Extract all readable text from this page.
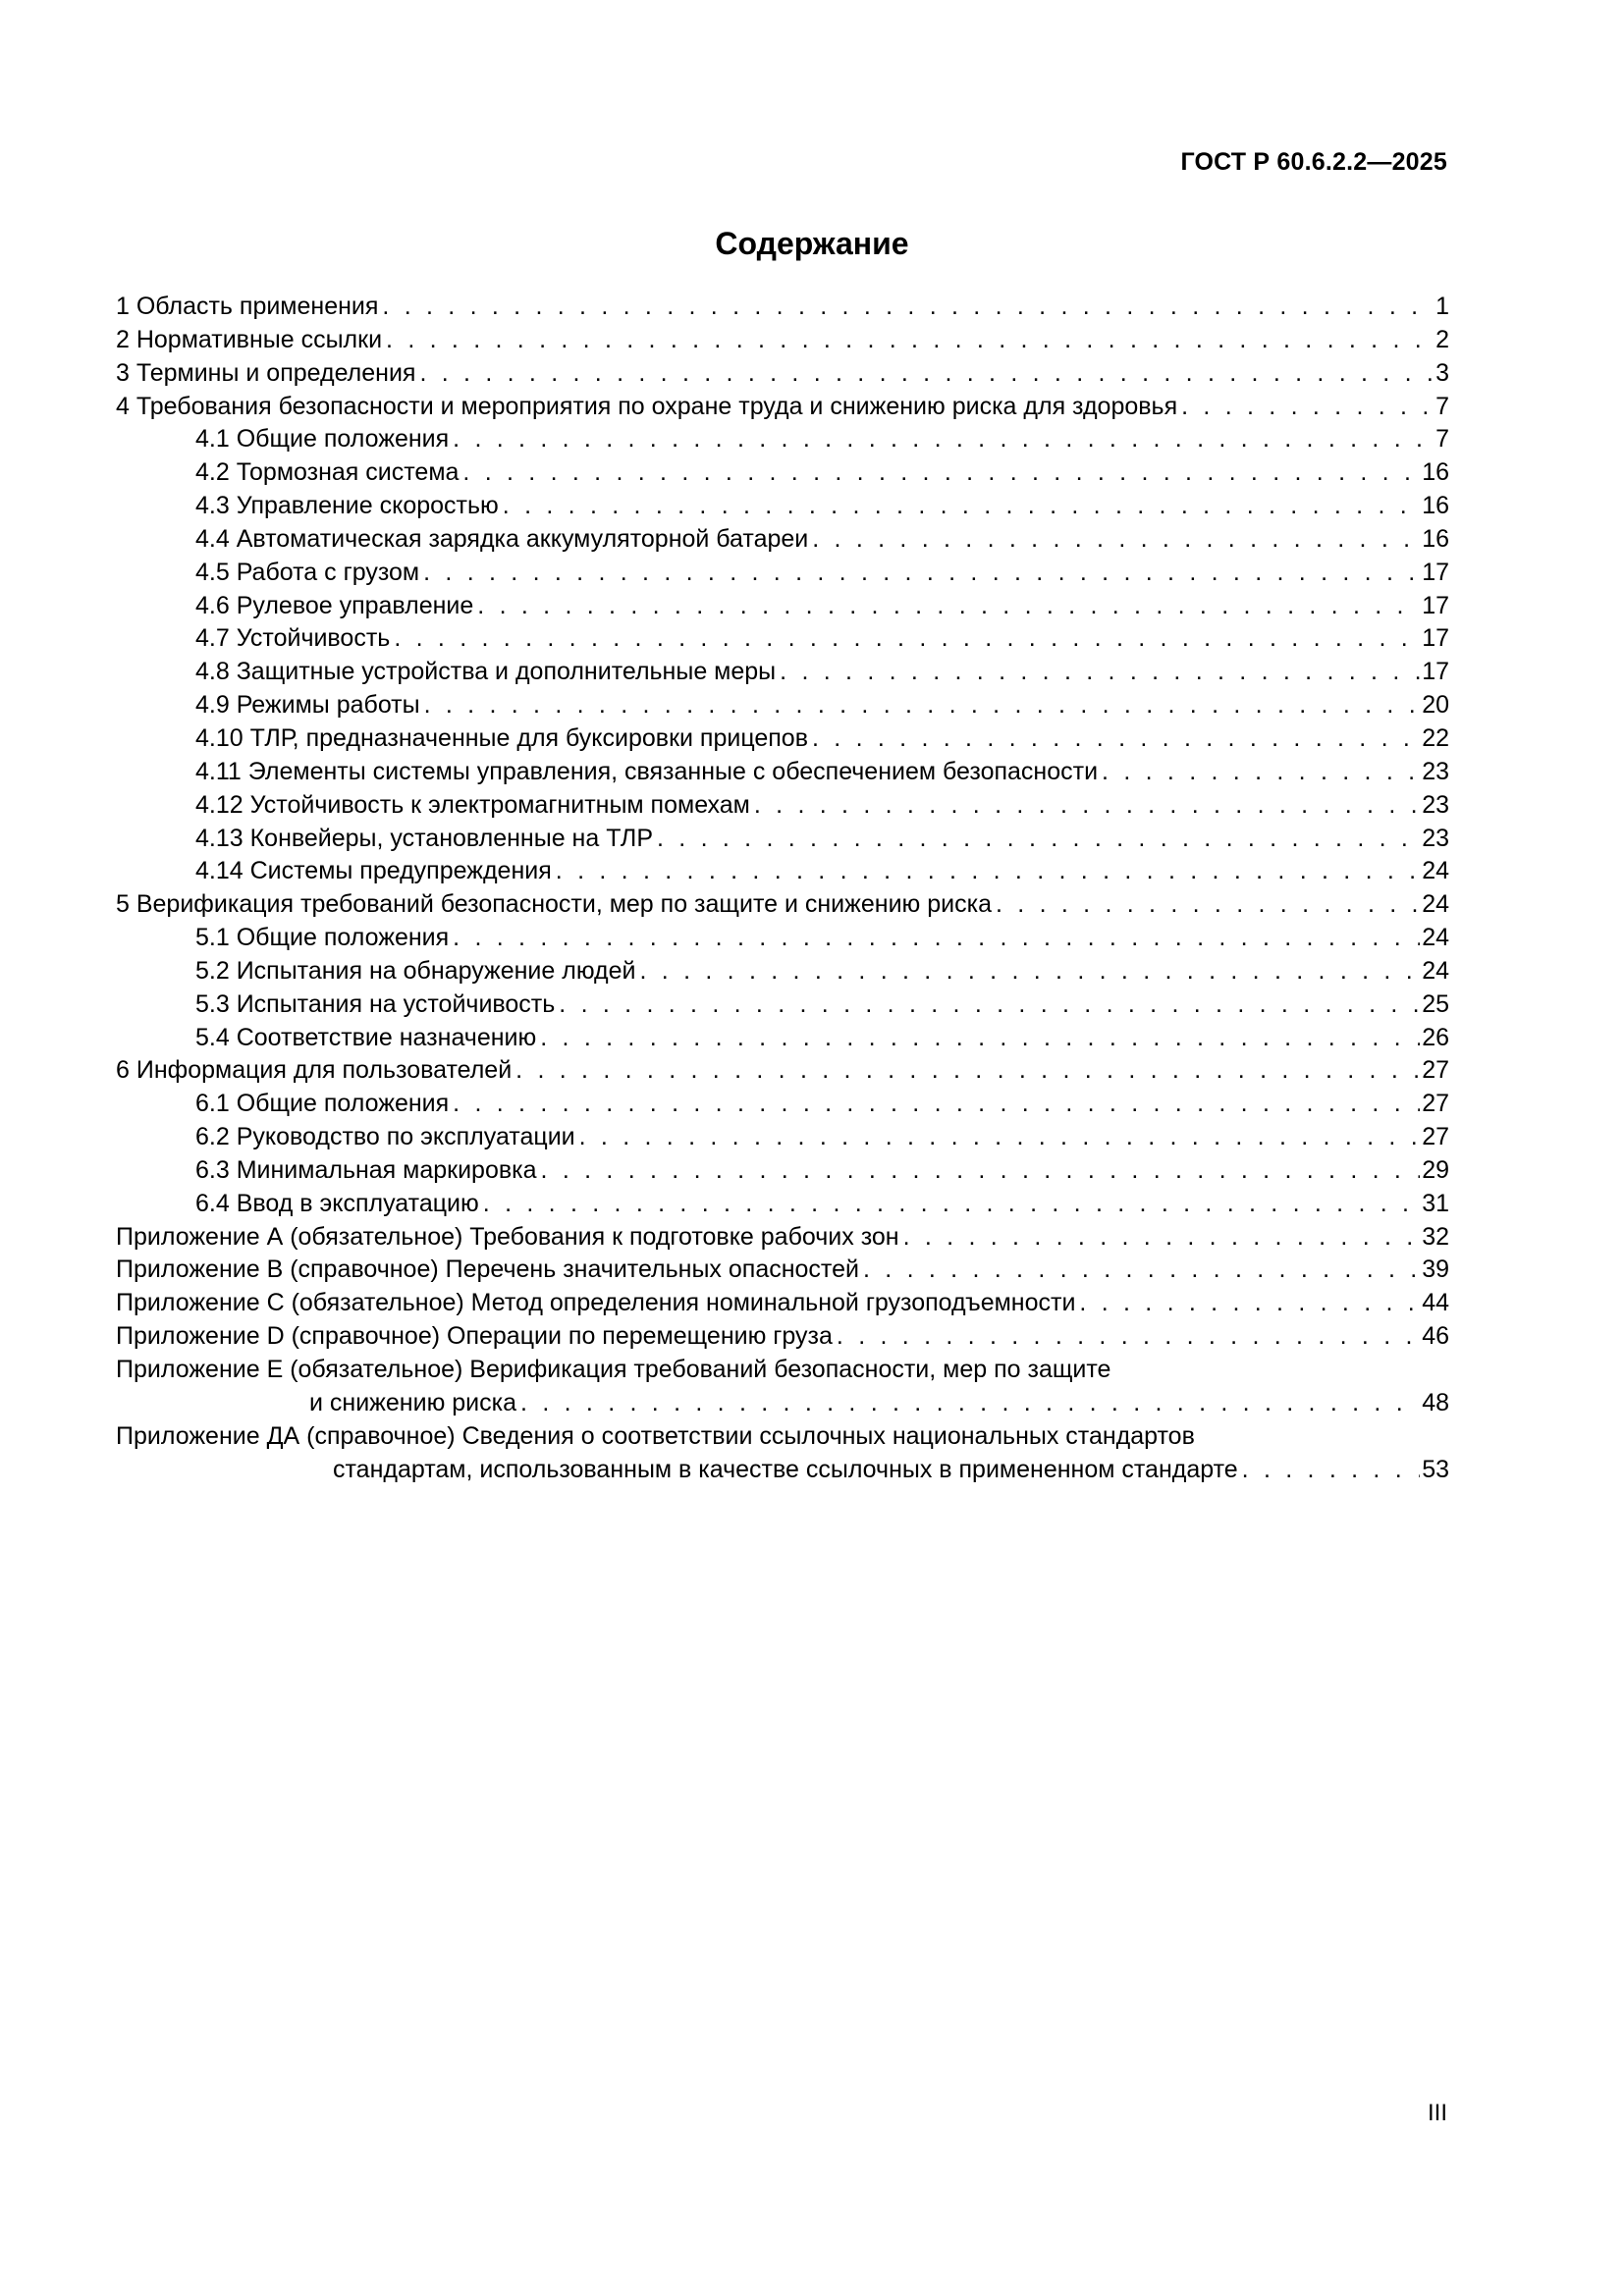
ГОСТ Р 60.6.2.2—2025
Содержание
1 Область применения . . .	1
2 Нормативные ссылки . . .	2
3 Термины и определения . . .	3
4 Требования безопасности и мероприятия по охране труда и снижению риска для здоровья . . .	7
4.1 Общие положения . . .	7
4.2 Тормозная система . . .	16
4.3 Управление скоростью . . .	16
4.4 Автоматическая зарядка аккумуляторной батареи . . .	16
4.5 Работа с грузом . . .	17
4.6 Рулевое управление . . .	17
4.7 Устойчивость . . .	17
4.8 Защитные устройства и дополнительные меры . . .	17
4.9 Режимы работы . . .	20
4.10 ТЛР, предназначенные для буксировки прицепов . . .	22
4.11 Элементы системы управления, связанные с обеспечением безопасности . . .	23
4.12 Устойчивость к электромагнитным помехам . . .	23
4.13 Конвейеры, установленные на ТЛР . . .	23
4.14 Системы предупреждения . . .	24
5 Верификация требований безопасности, мер по защите и снижению риска . . .	24
5.1 Общие положения . . .	24
5.2 Испытания на обнаружение людей . . .	24
5.3 Испытания на устойчивость . . .	25
5.4 Соответствие назначению . . .	26
6 Информация для пользователей . . .	27
6.1 Общие положения . . .	27
6.2 Руководство по эксплуатации . . .	27
6.3 Минимальная маркировка . . .	29
6.4 Ввод в эксплуатацию . . .	31
Приложение А (обязательное) Требования к подготовке рабочих зон . . .	32
Приложение В (справочное) Перечень значительных опасностей . . .	39
Приложение С (обязательное) Метод определения номинальной грузоподъемности . . .	44
Приложение D (справочное) Операции по перемещению груза . . .	46
Приложение Е (обязательное) Верификация требований безопасности, мер по защите
и снижению риска . . .	48
Приложение ДА (справочное) Сведения о соответствии ссылочных национальных стандартов
стандартам, использованным в качестве ссылочных в примененном стандарте . . .	53
III
